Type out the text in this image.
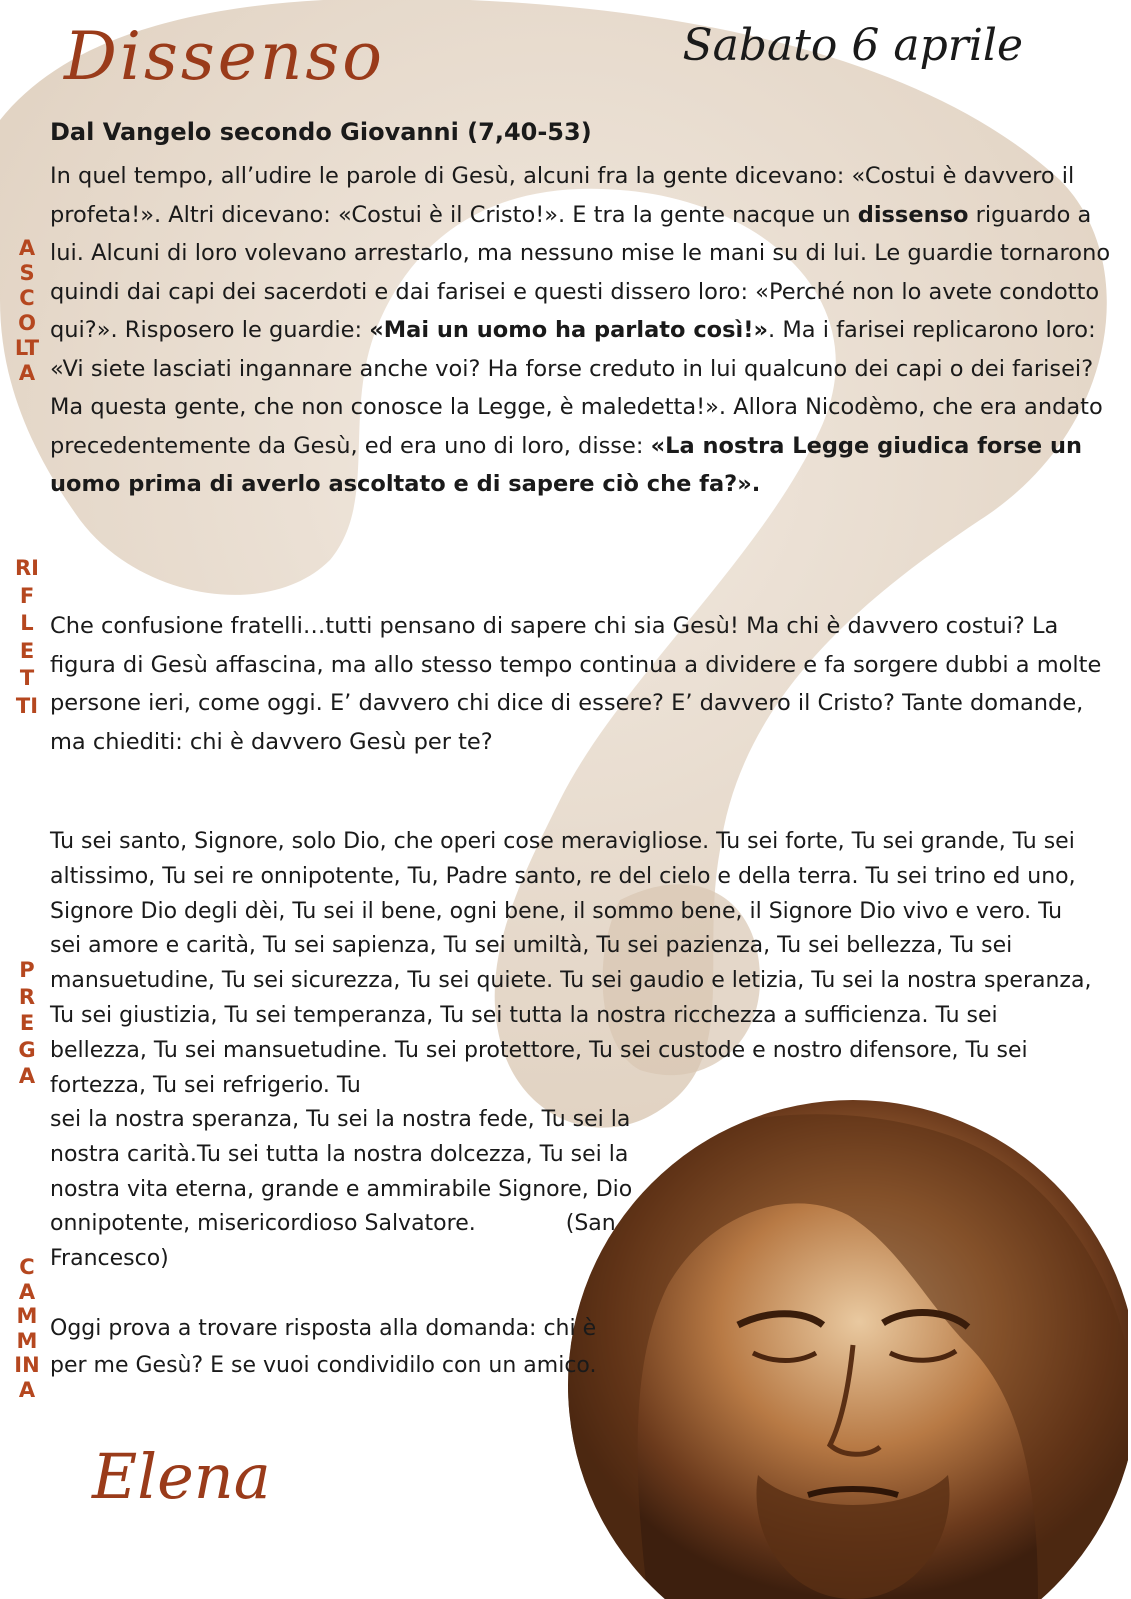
Dissenso	Sabato 6 aprile
Dal Vangelo secondo Giovanni (7,40-53)
In quel tempo, all’udire le parole di Gesù, alcuni fra la gente dicevano: «Costui è davvero il profeta!». Altri dicevano: «Costui è il Cristo!». E tra la gente nacque un dissenso riguardo a lui. Alcuni di loro volevano arrestarlo, ma nessuno mise le mani su di lui. Le guardie tornarono quindi dai capi dei sacerdoti e dai farisei e questi dissero loro: «Perché non lo avete condotto qui?». Risposero le guardie: «Mai un uomo ha parlato così!». Ma i farisei replicarono loro: «Vi siete lasciati ingannare anche voi? Ha forse creduto in lui qualcuno dei capi o dei farisei? Ma questa gente, che non conosce la Legge, è maledetta!». Allora Nicodèmo, che era andato precedentemente da Gesù, ed era uno di loro, disse: «La nostra Legge giudica forse un uomo prima di averlo ascoltato e di sapere ciò che fa?».
Che confusione fratelli…tutti pensano di sapere chi sia Gesù! Ma chi è davvero costui? La figura di Gesù affascina, ma allo stesso tempo continua a dividere e fa sorgere dubbi a molte persone ieri, come oggi. E’ davvero chi dice di essere? E’ davvero il Cristo? Tante domande, ma chiediti: chi è davvero Gesù per te?
Tu sei santo, Signore, solo Dio, che operi cose meravigliose. Tu sei forte, Tu sei grande, Tu sei altissimo, Tu sei re onnipotente, Tu, Padre santo, re del cielo e della terra. Tu sei trino ed uno, Signore Dio degli dèi, Tu sei il bene, ogni bene, il sommo bene, il Signore Dio vivo e vero. Tu sei amore e carità, Tu sei sapienza, Tu sei umiltà, Tu sei pazienza, Tu sei bellezza, Tu sei mansuetudine, Tu sei sicurezza, Tu sei quiete. Tu sei gaudio e letizia, Tu sei la nostra speranza, Tu sei giustizia, Tu sei temperanza, Tu sei tutta la nostra ricchezza a sufficienza. Tu sei bellezza, Tu sei mansuetudine. Tu sei protettore, Tu sei custode e nostro difensore, Tu sei fortezza, Tu sei refrigerio. Tu
sei la nostra speranza, Tu sei la nostra fede, Tu sei la nostra carità.Tu sei tutta la nostra dolcezza, Tu sei la nostra vita eterna, grande e ammirabile Signore, Dio onnipotente, misericordioso Salvatore.	(San Francesco)
Oggi prova a trovare risposta alla domanda: chi è per me Gesù? E se vuoi condividilo con un amico.
ASCOLTA
RIFLETTI
PREGA
CAMMINA
Elena
